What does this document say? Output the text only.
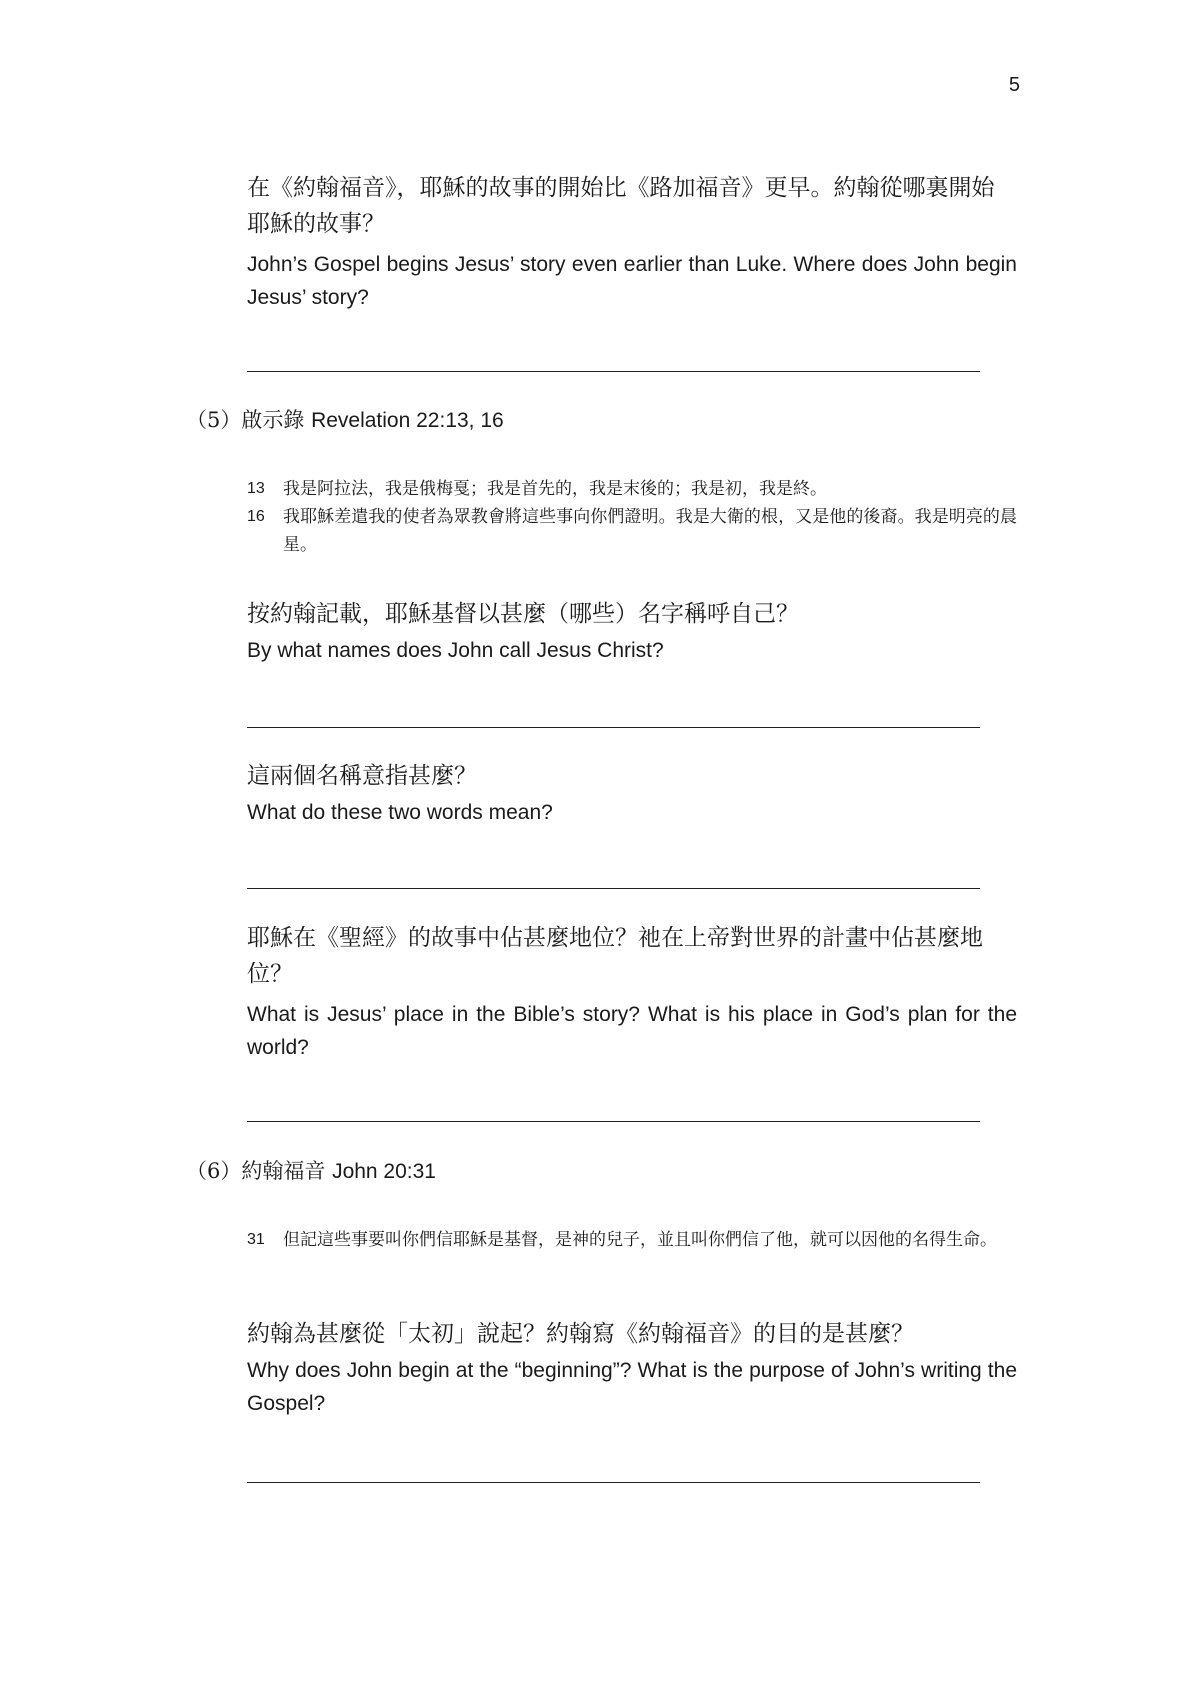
5

在《約翰福音》，耶穌的故事的開始比《路加福音》更早。約翰從哪裏開始耶穌的故事？

John’s Gospel begins Jesus’ story even earlier than Luke. Where does John begin Jesus’ story?

（5）啟示錄 Revelation 22:13, 16
13	我是阿拉法，我是俄梅戛；我是首先的，我是末後的；我是初，我是終。
16	我耶穌差遣我的使者為眾教會將這些事向你們證明。我是大衛的根，又是他的後裔。我是明亮的晨星。

按約翰記載，耶穌基督以甚麼（哪些）名字稱呼自己？

By what names does John call Jesus Christ?

這兩個名稱意指甚麼？

What do these two words mean?

耶穌在《聖經》的故事中佔甚麼地位？祂在上帝對世界的計畫中佔甚麼地位？

What is Jesus’ place in the Bible’s story? What is his place in God’s plan for the world?

（6）約翰福音 John 20:31
31	但記這些事要叫你們信耶穌是基督，是神的兒子，並且叫你們信了他，就可以因他的名得生命。

約翰為甚麼從「太初」說起？約翰寫《約翰福音》的目的是甚麼？

Why does John begin at the “beginning”? What is the purpose of John’s writing the Gospel?
